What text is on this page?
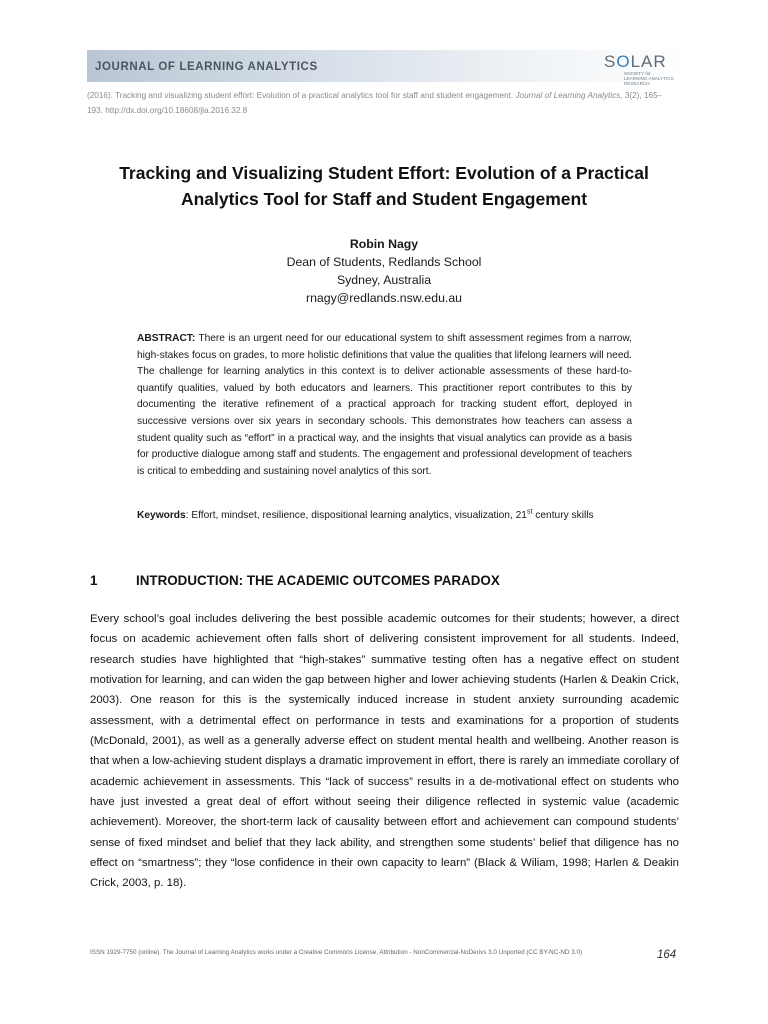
JOURNAL OF LEARNING ANALYTICS	SOLAR
SOCIETY for LEARNING ANALYTICS RESEARCH
(2016). Tracking and visualizing student effort: Evolution of a practical analytics tool for staff and student engagement. Journal of Learning Analytics, 3(2), 165–193. http://dx.doi.org/10.18608/jla.2016.32.8
Tracking and Visualizing Student Effort: Evolution of a Practical Analytics Tool for Staff and Student Engagement
Robin Nagy
Dean of Students, Redlands School
Sydney, Australia
rnagy@redlands.nsw.edu.au

ABSTRACT: There is an urgent need for our educational system to shift assessment regimes from a narrow, high-stakes focus on grades, to more holistic definitions that value the qualities that lifelong learners will need. The challenge for learning analytics in this context is to deliver actionable assessments of these hard-to-quantify qualities, valued by both educators and learners. This practitioner report contributes to this by documenting the iterative refinement of a practical approach for tracking student effort, deployed in successive versions over six years in secondary schools. This demonstrates how teachers can assess a student quality such as “effort” in a practical way, and the insights that visual analytics can provide as a basis for productive dialogue among staff and students. The engagement and professional development of teachers is critical to embedding and sustaining novel analytics of this sort.

Keywords: Effort, mindset, resilience, dispositional learning analytics, visualization, 21st century skills

1	INTRODUCTION: THE ACADEMIC OUTCOMES PARADOX

Every school’s goal includes delivering the best possible academic outcomes for their students; however, a direct focus on academic achievement often falls short of delivering consistent improvement for all students. Indeed, research studies have highlighted that “high-stakes” summative testing often has a negative effect on student motivation for learning, and can widen the gap between higher and lower achieving students (Harlen & Deakin Crick, 2003). One reason for this is the systemically induced increase in student anxiety surrounding academic assessment, with a detrimental effect on performance in tests and examinations for a proportion of students (McDonald, 2001), as well as a generally adverse effect on student mental health and wellbeing. Another reason is that when a low-achieving student displays a dramatic improvement in effort, there is rarely an immediate corollary of academic achievement in assessments. This “lack of success” results in a de-motivational effect on students who have just invested a great deal of effort without seeing their diligence reflected in systemic value (academic achievement). Moreover, the short-term lack of causality between effort and achievement can compound students’ sense of fixed mindset and belief that they lack ability, and strengthen some students’ belief that diligence has no effect on “smartness”; they “lose confidence in their own capacity to learn” (Black & Wiliam, 1998; Harlen & Deakin Crick, 2003, p. 18).

ISSN 1929-7750 (online). The Journal of Learning Analytics works under a Creative Commons License, Attribution - NonCommercial-NoDerivs 3.0 Unported (CC BY-NC-ND 3.0)	164
